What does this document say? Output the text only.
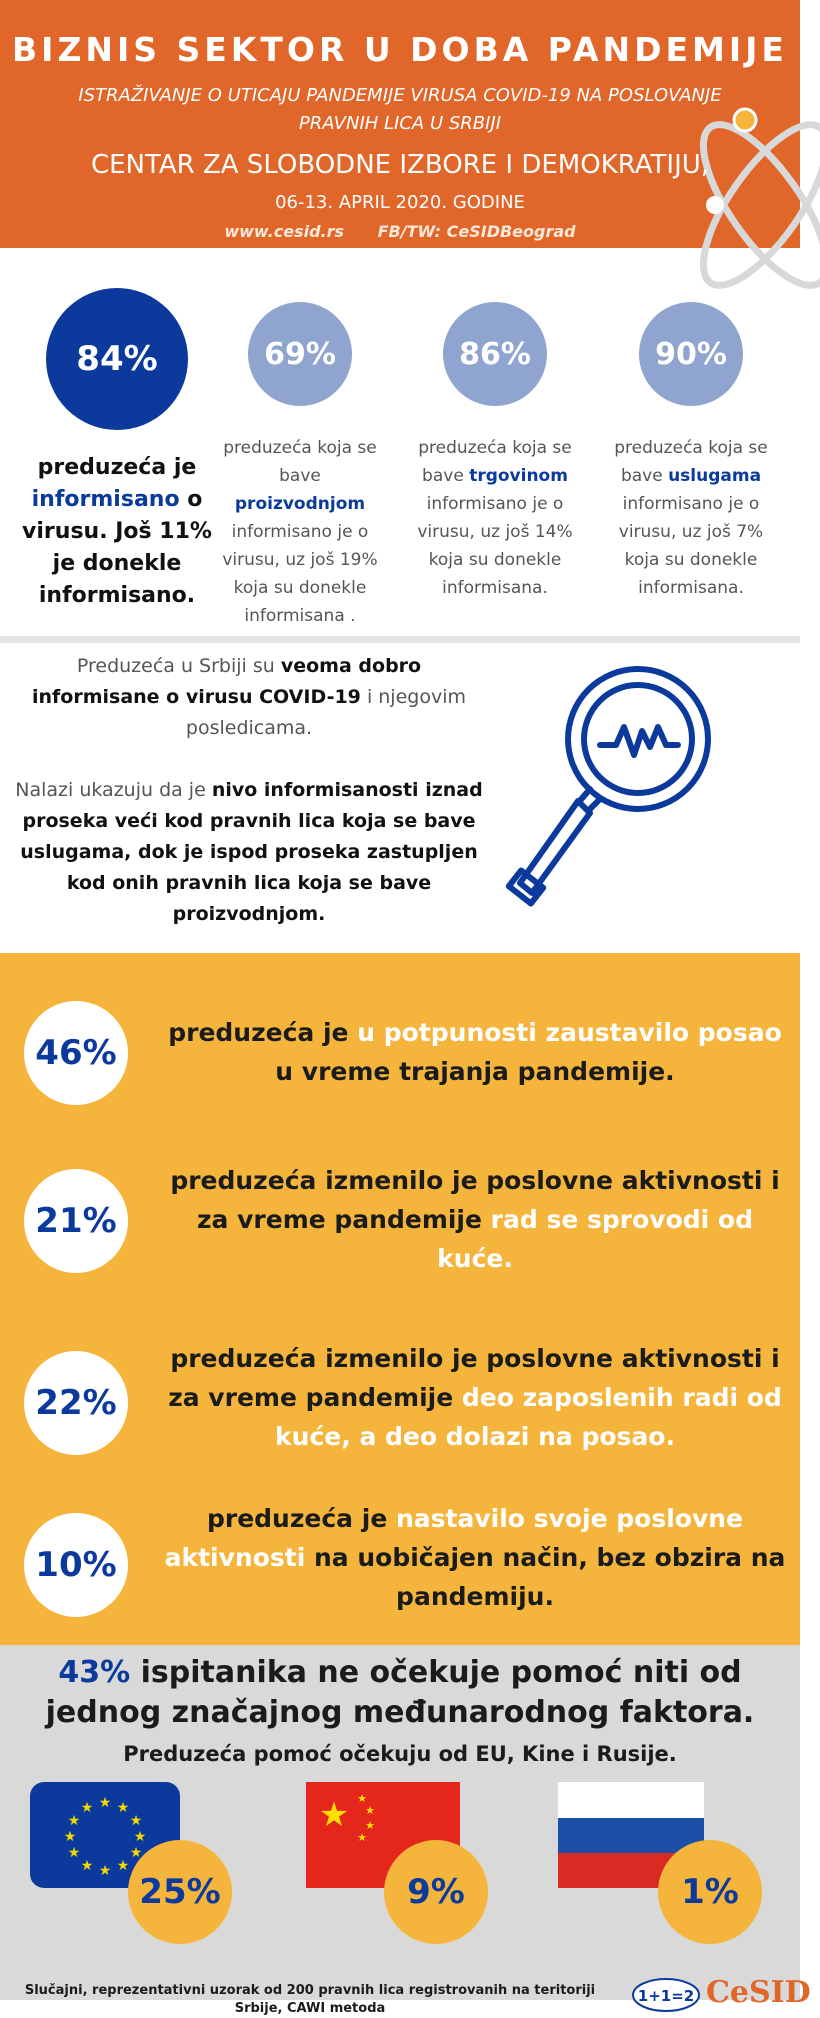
BIZNIS SEKTOR U DOBA PANDEMIJE
ISTRAŽIVANJE O UTICAJU PANDEMIJE VIRUSA COVID-19 NA POSLOVANJE PRAVNIH LICA U SRBIJI
CENTAR ZA SLOBODNE IZBORE I DEMOKRATIJU,
06-13. APRIL 2020. GODINE
www.cesid.rs FB/TW: CeSIDBeograd
84%
preduzeća je informisano o virusu. Još 11% je donekle informisano.
69%
preduzeća koja se bave proizvodnjom informisano je o virusu, uz još 19% koja su donekle informisana .
86%
preduzeća koja se bave trgovinom informisano je o virusu, uz još 14% koja su donekle informisana.
90%
preduzeća koja se bave uslugama informisano je o virusu, uz još 7% koja su donekle informisana.

Preduzeća u Srbiji su veoma dobro informisane o virusu COVID-19 i njegovim posledicama.

Nalazi ukazuju da je nivo informisanosti iznad proseka veći kod pravnih lica koja se bave uslugama, dok je ispod proseka zastupljen kod onih pravnih lica koja se bave proizvodnjom.

46%
preduzeća je u potpunosti zaustavilo posao u vreme trajanja pandemije.
21%
preduzeća izmenilo je poslovne aktivnosti i za vreme pandemije rad se sprovodi od kuće.
22%
preduzeća izmenilo je poslovne aktivnosti i za vreme pandemije deo zaposlenih radi od kuće, a deo dolazi na posao.
10%
preduzeća je nastavilo svoje poslovne aktivnosti na uobičajen način, bez obzira na pandemiju.
43% ispitanika ne očekuje pomoć niti od jednog značajnog međunarodnog faktora.
Preduzeća pomoć očekuju od EU, Kine i Rusije.
★ ★
★
★
★
★
★
★
★
★
★
★
25%
★ ★
★
★
★
9%	1%
Slučajni, reprezentativni uzorak od 200 pravnih lica registrovanih na teritoriji Srbije, CAWI metoda
1+1=2 CeSID
